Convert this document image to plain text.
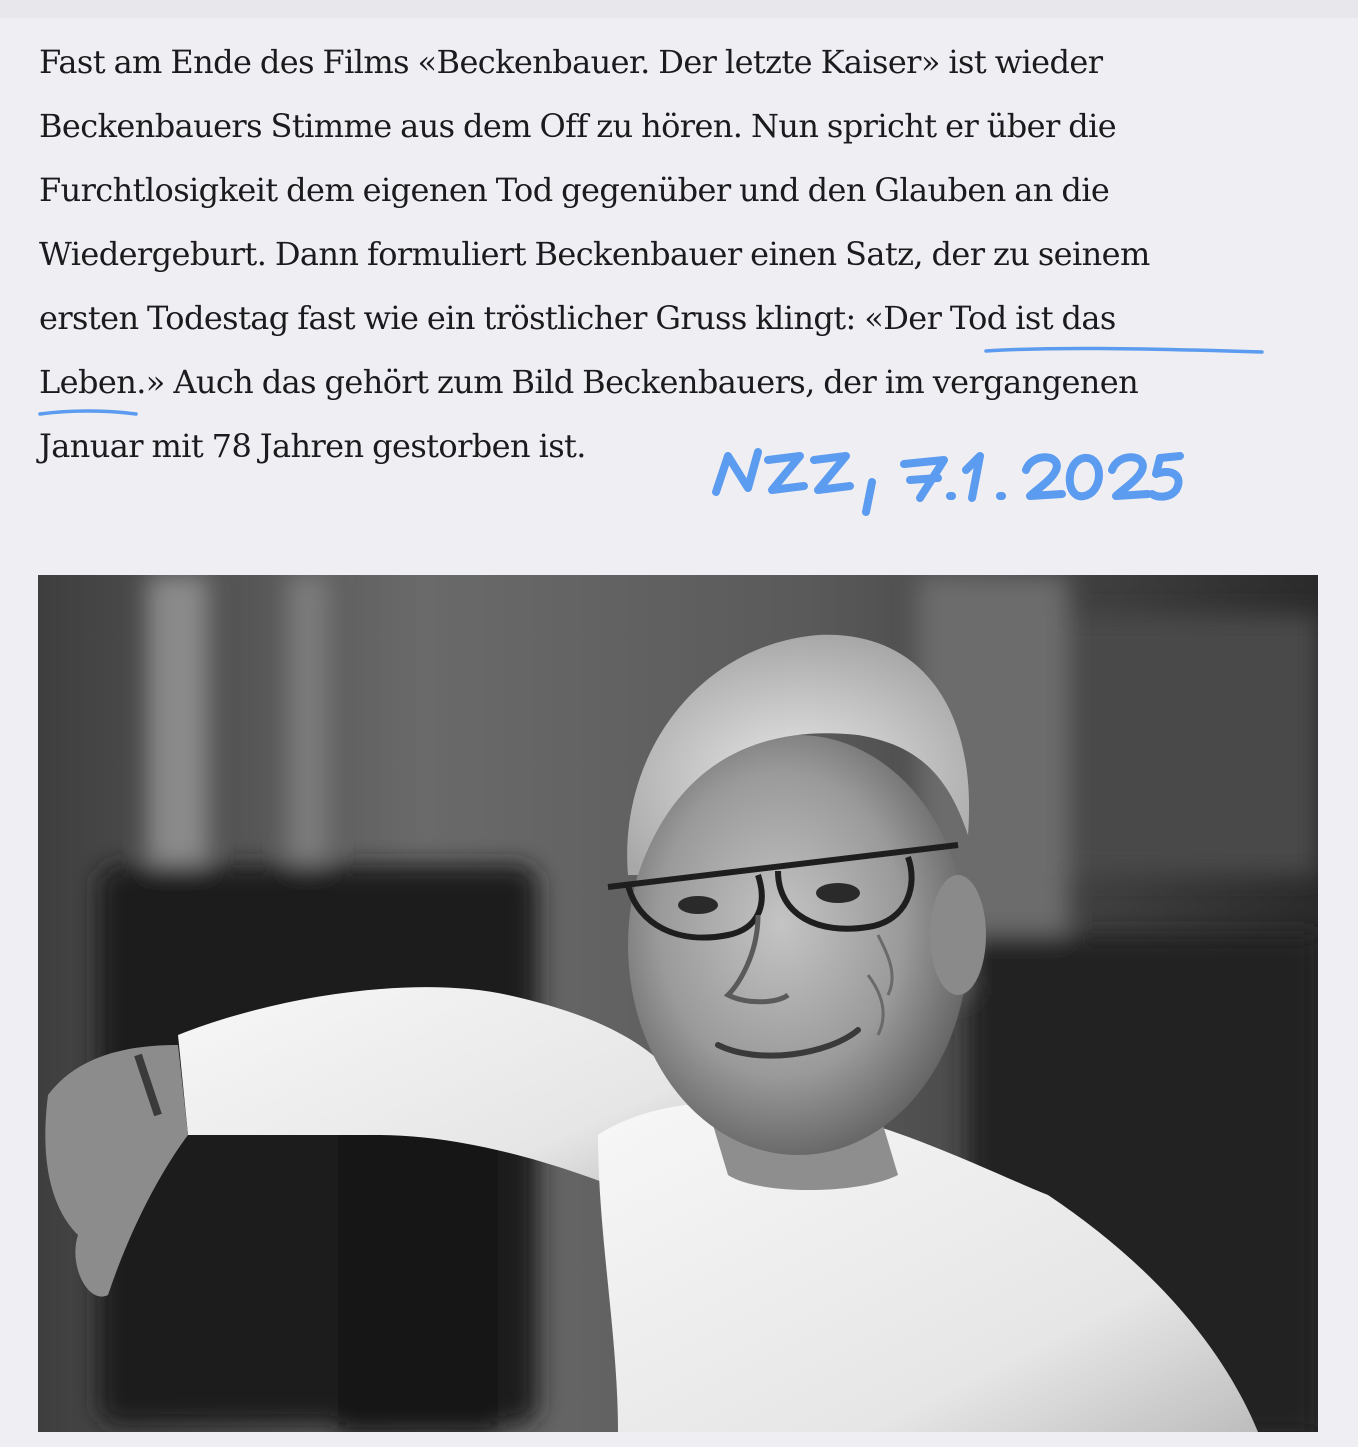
Fast am Ende des Films «Beckenbauer. Der letzte Kaiser» ist wieder
Beckenbauers Stimme aus dem Off zu hören. Nun spricht er über die
Furchtlosigkeit dem eigenen Tod gegenüber und den Glauben an die
Wiedergeburt. Dann formuliert Beckenbauer einen Satz, der zu seinem
ersten Todestag fast wie ein tröstlicher Gruss klingt: «Der Tod ist das
Leben.» Auch das gehört zum Bild Beckenbauers, der im vergangenen
Januar mit 78 Jahren gestorben ist.
